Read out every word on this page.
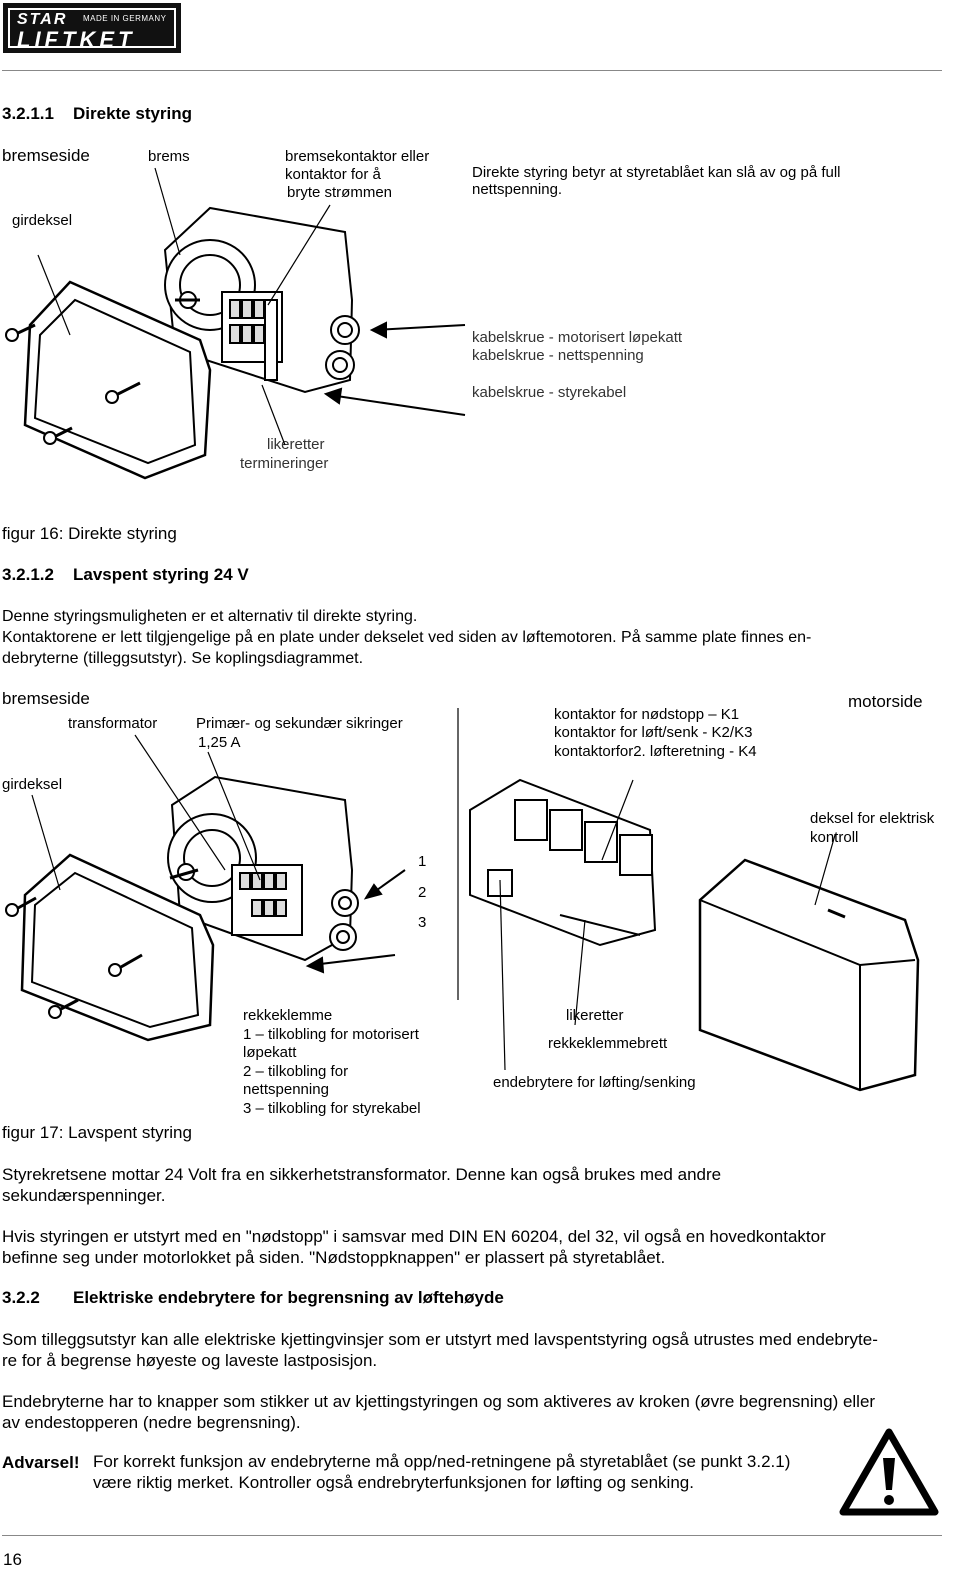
STAR MADE IN GERMANY
LIFTKET
3.2.1.1 Direkte styring
bremseside	brems	bremsekontaktor eller
kontaktor for å
bryte strømmen
girdeksel
Direkte styring betyr at styretablået kan slå av og på full
nettspenning.
kabelskrue - motorisert løpekatt
kabelskrue - nettspenning
kabelskrue - styrekabel
likeretter
termineringer
figur 16: Direkte styring
3.2.1.2 Lavspent styring 24 V
Denne styringsmuligheten er et alternativ til direkte styring.
Kontaktorene er lett tilgjengelige på en plate under dekselet ved siden av løftemotoren. På samme plate finnes en-
debryterne (tilleggsutstyr). Se koplingsdiagrammet.
bremseside
transformator	Primær- og sekundær sikringer
1,25 A
kontaktor for nødstopp – K1
kontaktor for løft/senk - K2/K3
kontaktorfor2. løfteretning - K4
motorside
girdeksel
deksel for elektrisk
kontroll
1
2
3
rekkeklemme
1 – tilkobling for motorisert
løpekatt
2 – tilkobling for
nettspenning
3 – tilkobling for styrekabel
likeretter
rekkeklemmebrett
endebrytere for løfting/senking
figur 17: Lavspent styring
Styrekretsene mottar 24 Volt fra en sikkerhetstransformator. Denne kan også brukes med andre
sekundærspenninger.
Hvis styringen er utstyrt med en "nødstopp" i samsvar med DIN EN 60204, del 32, vil også en hovedkontaktor
befinne seg under motorlokket på siden. "Nødstoppknappen" er plassert på styretablået.
3.2.2 Elektriske endebrytere for begrensning av løftehøyde
Som tilleggsutstyr kan alle elektriske kjettingvinsjer som er utstyrt med lavspentstyring også utrustes med endebryte-
re for å begrense høyeste og laveste lastposisjon.
Endebryterne har to knapper som stikker ut av kjettingstyringen og som aktiveres av kroken (øvre begrensning) eller
av endestopperen (nedre begrensning).
Advarsel! For korrekt funksjon av endebryterne må opp/ned-retningene på styretablået (se punkt 3.2.1)
være riktig merket. Kontroller også endrebryterfunksjonen for løfting og senking.
16
